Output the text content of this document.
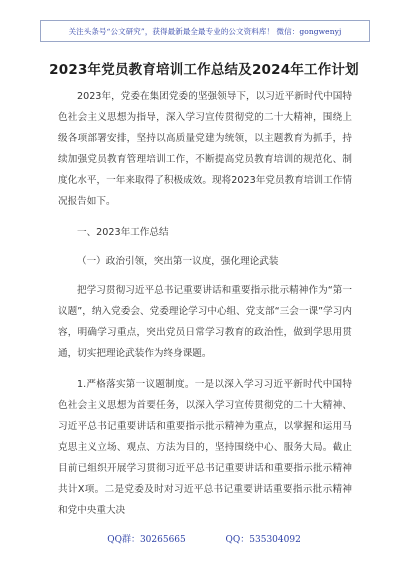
关注头条号“公文研究”，获得最新最全最专业的公文资料库！ 微信：gongwenyj
2023年党员教育培训工作总结及2024年工作计划

2023年，党委在集团党委的坚强领导下，以习近平新时代中国特色社会主义思想为指导，深入学习宣传贯彻党的二十大精神，围绕上级各项部署安排，坚持以高质量党建为统领，以主题教育为抓手，持续加强党员教育管理培训工作，不断提高党员教育培训的规范化、制度化水平，一年来取得了积极成效。现将2023年党员教育培训工作情况报告如下。

一、2023年工作总结

（一）政治引领，突出第一议度，强化理论武装

把学习贯彻习近平总书记重要讲话和重要指示批示精神作为“第一议题”，纳入党委会、党委理论学习中心组、党支部“三会一课”学习内容，明确学习重点，突出党员日常学习教育的政治性，做到学思用贯通，切实把理论武装作为终身课题。

1.严格落实第一议题制度。一是以深入学习习近平新时代中国特色社会主义思想为首要任务，以深入学习宣传贯彻党的二十大精神、习近平总书记重要讲话和重要指示批示精神为重点，以掌握和运用马克思主义立场、观点、方法为目的，坚持围绕中心、服务大局。截止目前已组织开展学习贯彻习近平总书记重要讲话和重要指示批示精神共计X项。二是党委及时对习近平总书记重要讲话重要指示批示精神和党中央重大决

QQ群：30265665	QQ：535304092
